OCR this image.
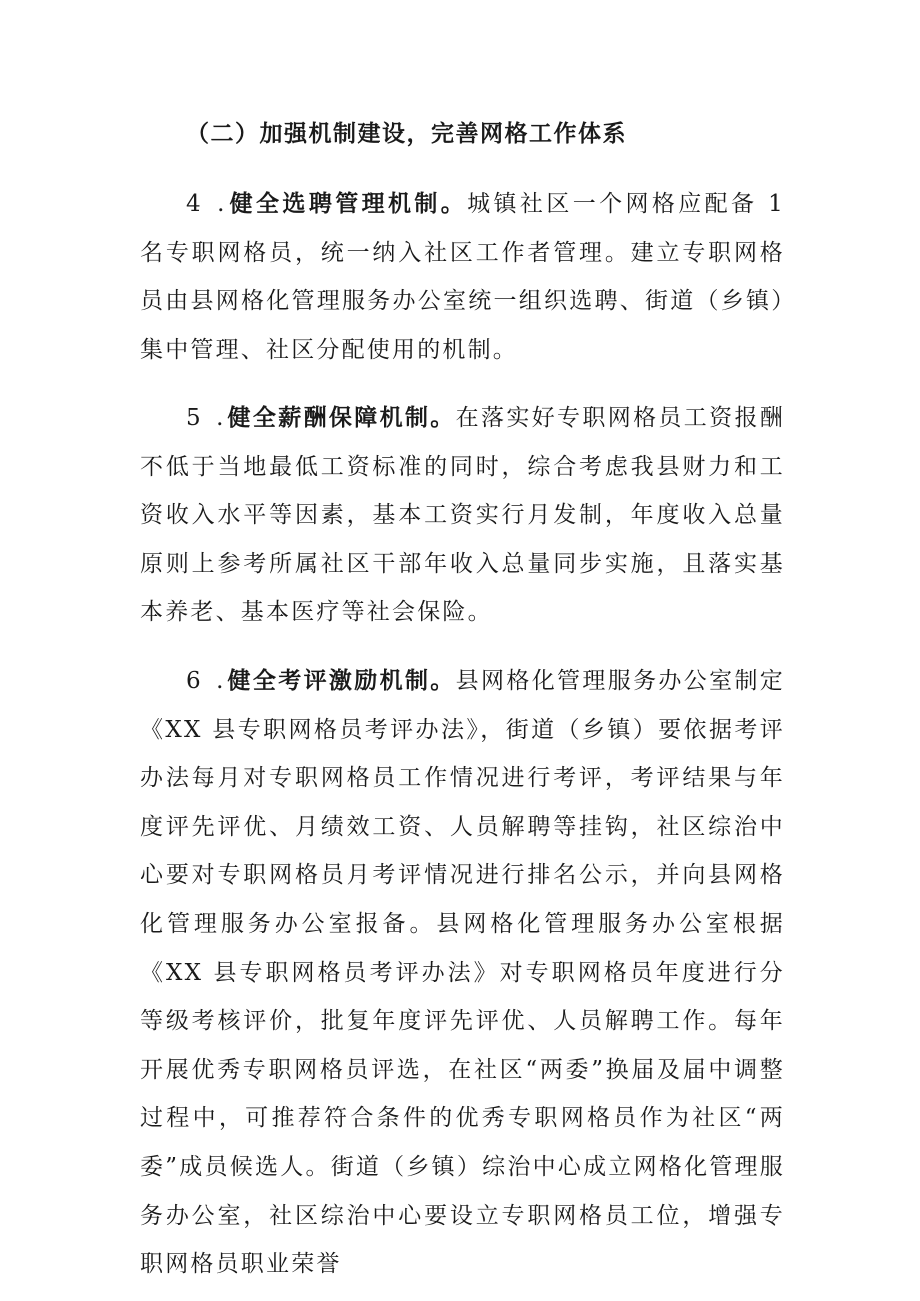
（二）加强机制建设，完善网格工作体系

4 .健全选聘管理机制。城镇社区一个网格应配备 1 名专职网格员，统一纳入社区工作者管理。建立专职网格员由县网格化管理服务办公室统一组织选聘、街道（乡镇）集中管理、社区分配使用的机制。

5 .健全薪酬保障机制。在落实好专职网格员工资报酬不低于当地最低工资标准的同时，综合考虑我县财力和工资收入水平等因素，基本工资实行月发制，年度收入总量原则上参考所属社区干部年收入总量同步实施，且落实基本养老、基本医疗等社会保险。

6 .健全考评激励机制。县网格化管理服务办公室制定《XX 县专职网格员考评办法》，街道（乡镇）要依据考评办法每月对专职网格员工作情况进行考评，考评结果与年度评先评优、月绩效工资、人员解聘等挂钩，社区综治中心要对专职网格员月考评情况进行排名公示，并向县网格化管理服务办公室报备。县网格化管理服务办公室根据《XX 县专职网格员考评办法》对专职网格员年度进行分等级考核评价，批复年度评先评优、人员解聘工作。每年开展优秀专职网格员评选，在社区“两委”换届及届中调整过程中，可推荐符合条件的优秀专职网格员作为社区“两委”成员候选人。街道（乡镇）综治中心成立网格化管理服务办公室，社区综治中心要设立专职网格员工位，增强专职网格员职业荣誉
